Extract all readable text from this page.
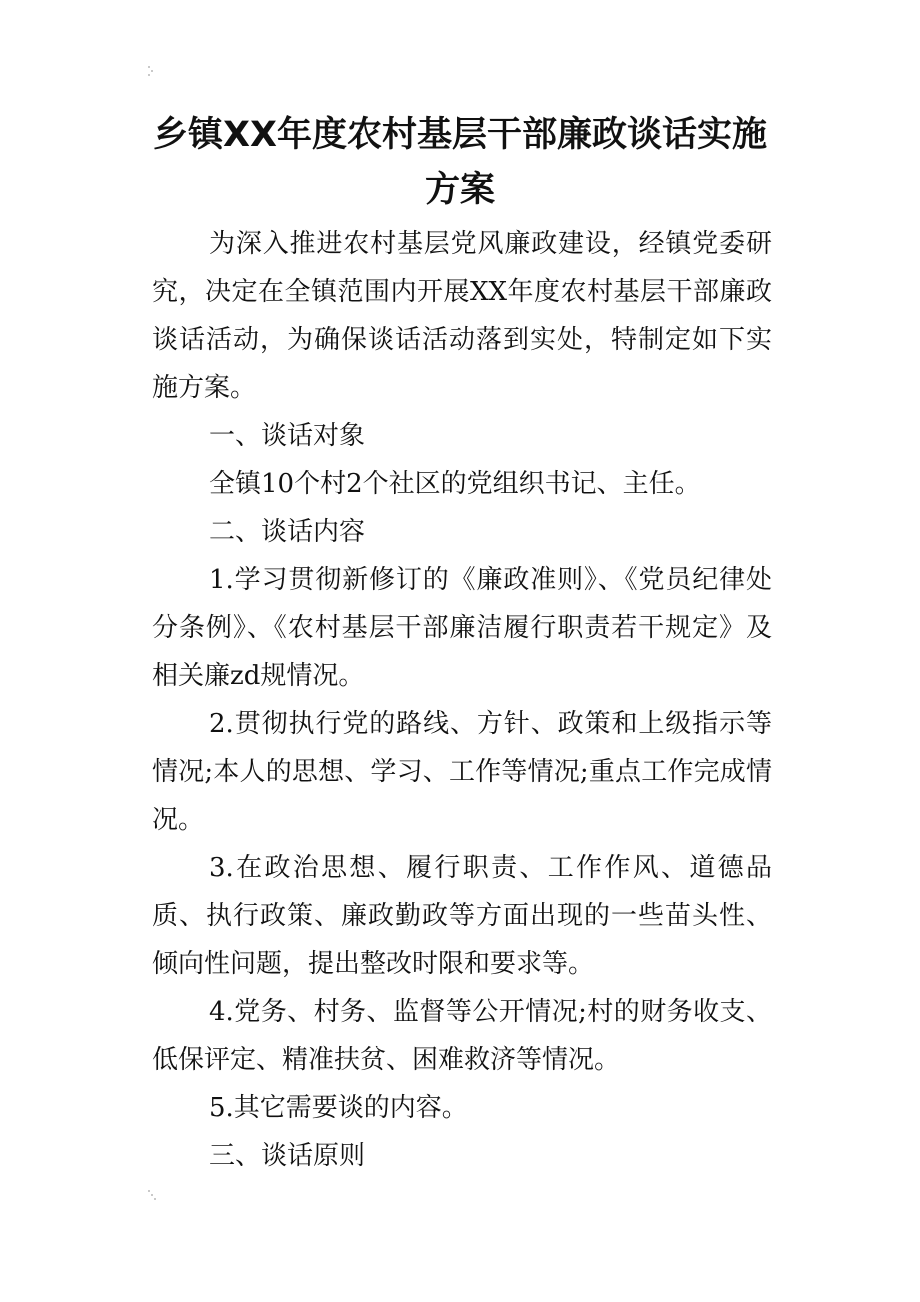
乡镇XX年度农村基层干部廉政谈话实施方案

为深入推进农村基层党风廉政建设，经镇党委研究，决定在全镇范围内开展XX年度农村基层干部廉政谈话活动，为确保谈话活动落到实处，特制定如下实施方案。

一、谈话对象

全镇10个村2个社区的党组织书记、主任。

二、谈话内容

1.学习贯彻新修订的《廉政准则》、《党员纪律处分条例》、《农村基层干部廉洁履行职责若干规定》及相关廉zd规情况。

2.贯彻执行党的路线、方针、政策和上级指示等情况;本人的思想、学习、工作等情况;重点工作完成情况。

3.在政治思想、履行职责、工作作风、道德品质、执行政策、廉政勤政等方面出现的一些苗头性、倾向性问题，提出整改时限和要求等。

4.党务、村务、监督等公开情况;村的财务收支、低保评定、精准扶贫、困难救济等情况。

5.其它需要谈的内容。

三、谈话原则
